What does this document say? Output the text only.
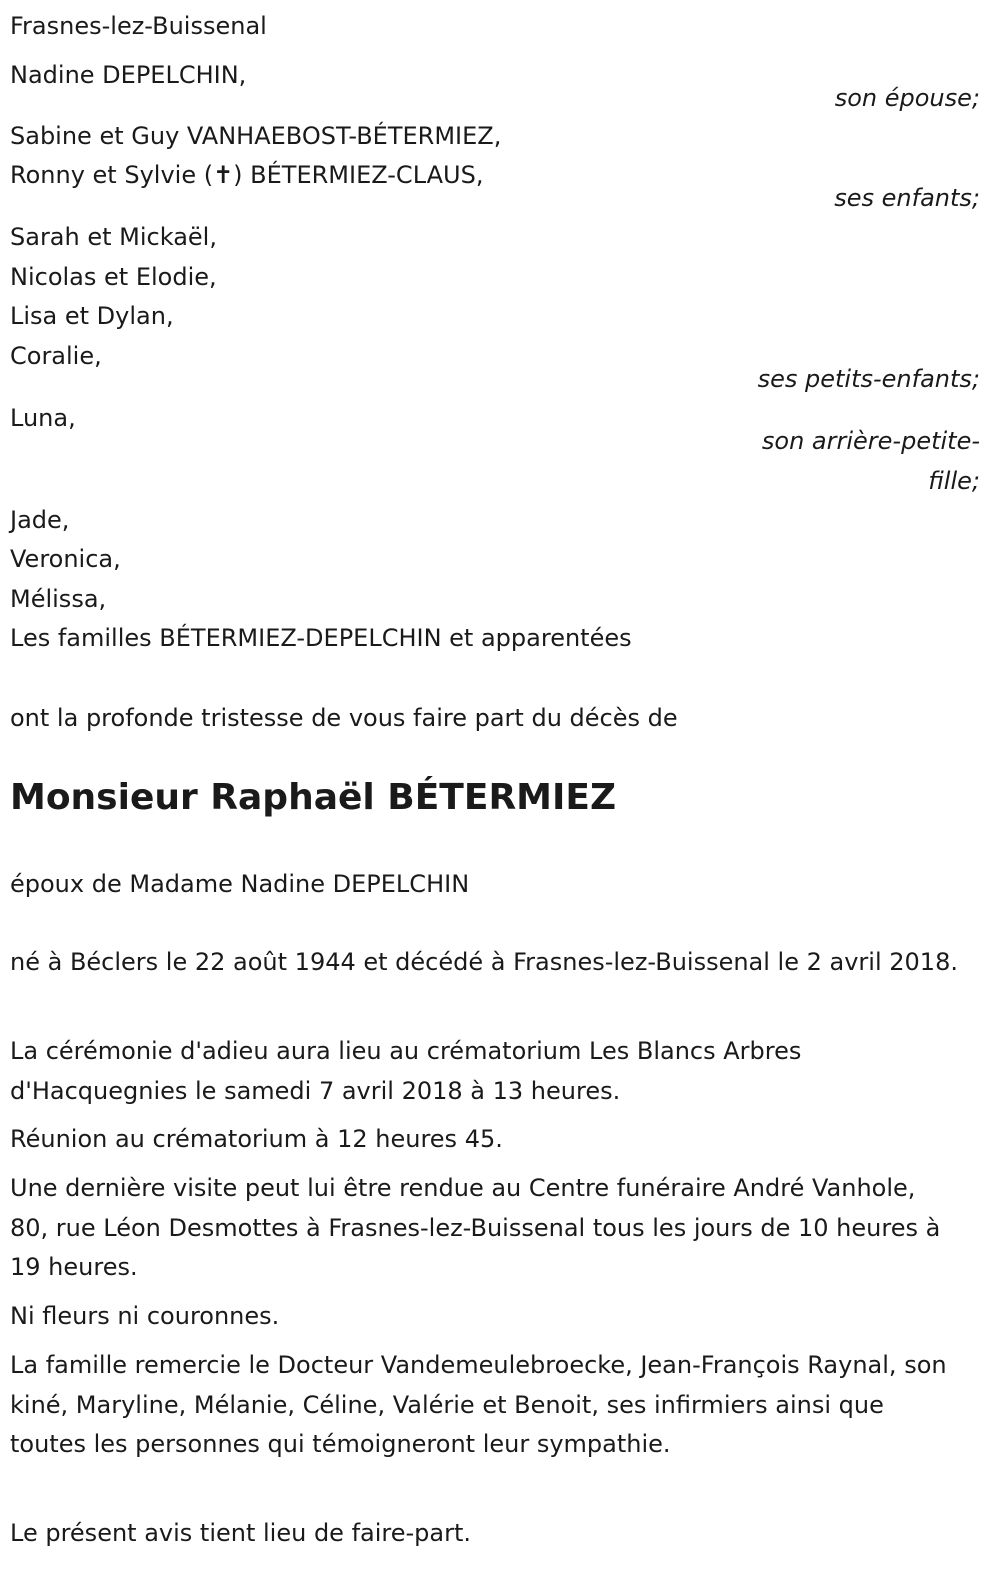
Frasnes-lez-Buissenal
Nadine DEPELCHIN,
son épouse;
Sabine et Guy VANHAEBOST-BÉTERMIEZ,
Ronny et Sylvie (✝) BÉTERMIEZ-CLAUS,
ses enfants;
Sarah et Mickaël,
Nicolas et Elodie,
Lisa et Dylan,
Coralie,
ses petits-enfants;
Luna,
son arrière-petite-
fille;
Jade,
Veronica,
Mélissa,
Les familles BÉTERMIEZ-DEPELCHIN et apparentées
ont la profonde tristesse de vous faire part du décès de
Monsieur Raphaël BÉTERMIEZ
époux de Madame Nadine DEPELCHIN
né à Béclers le 22 août 1944 et décédé à Frasnes-lez-Buissenal le 2 avril 2018.
La cérémonie d'adieu aura lieu au crématorium Les Blancs Arbres d'Hacquegnies le samedi 7 avril 2018 à 13 heures.
Réunion au crématorium à 12 heures 45.
Une dernière visite peut lui être rendue au Centre funéraire André Vanhole, 80, rue Léon Desmottes à Frasnes-lez-Buissenal tous les jours de 10 heures à 19 heures.
Ni fleurs ni couronnes.
La famille remercie le Docteur Vandemeulebroecke, Jean-François Raynal, son kiné, Maryline, Mélanie, Céline, Valérie et Benoit, ses infirmiers ainsi que toutes les personnes qui témoigneront leur sympathie.
Le présent avis tient lieu de faire-part.
